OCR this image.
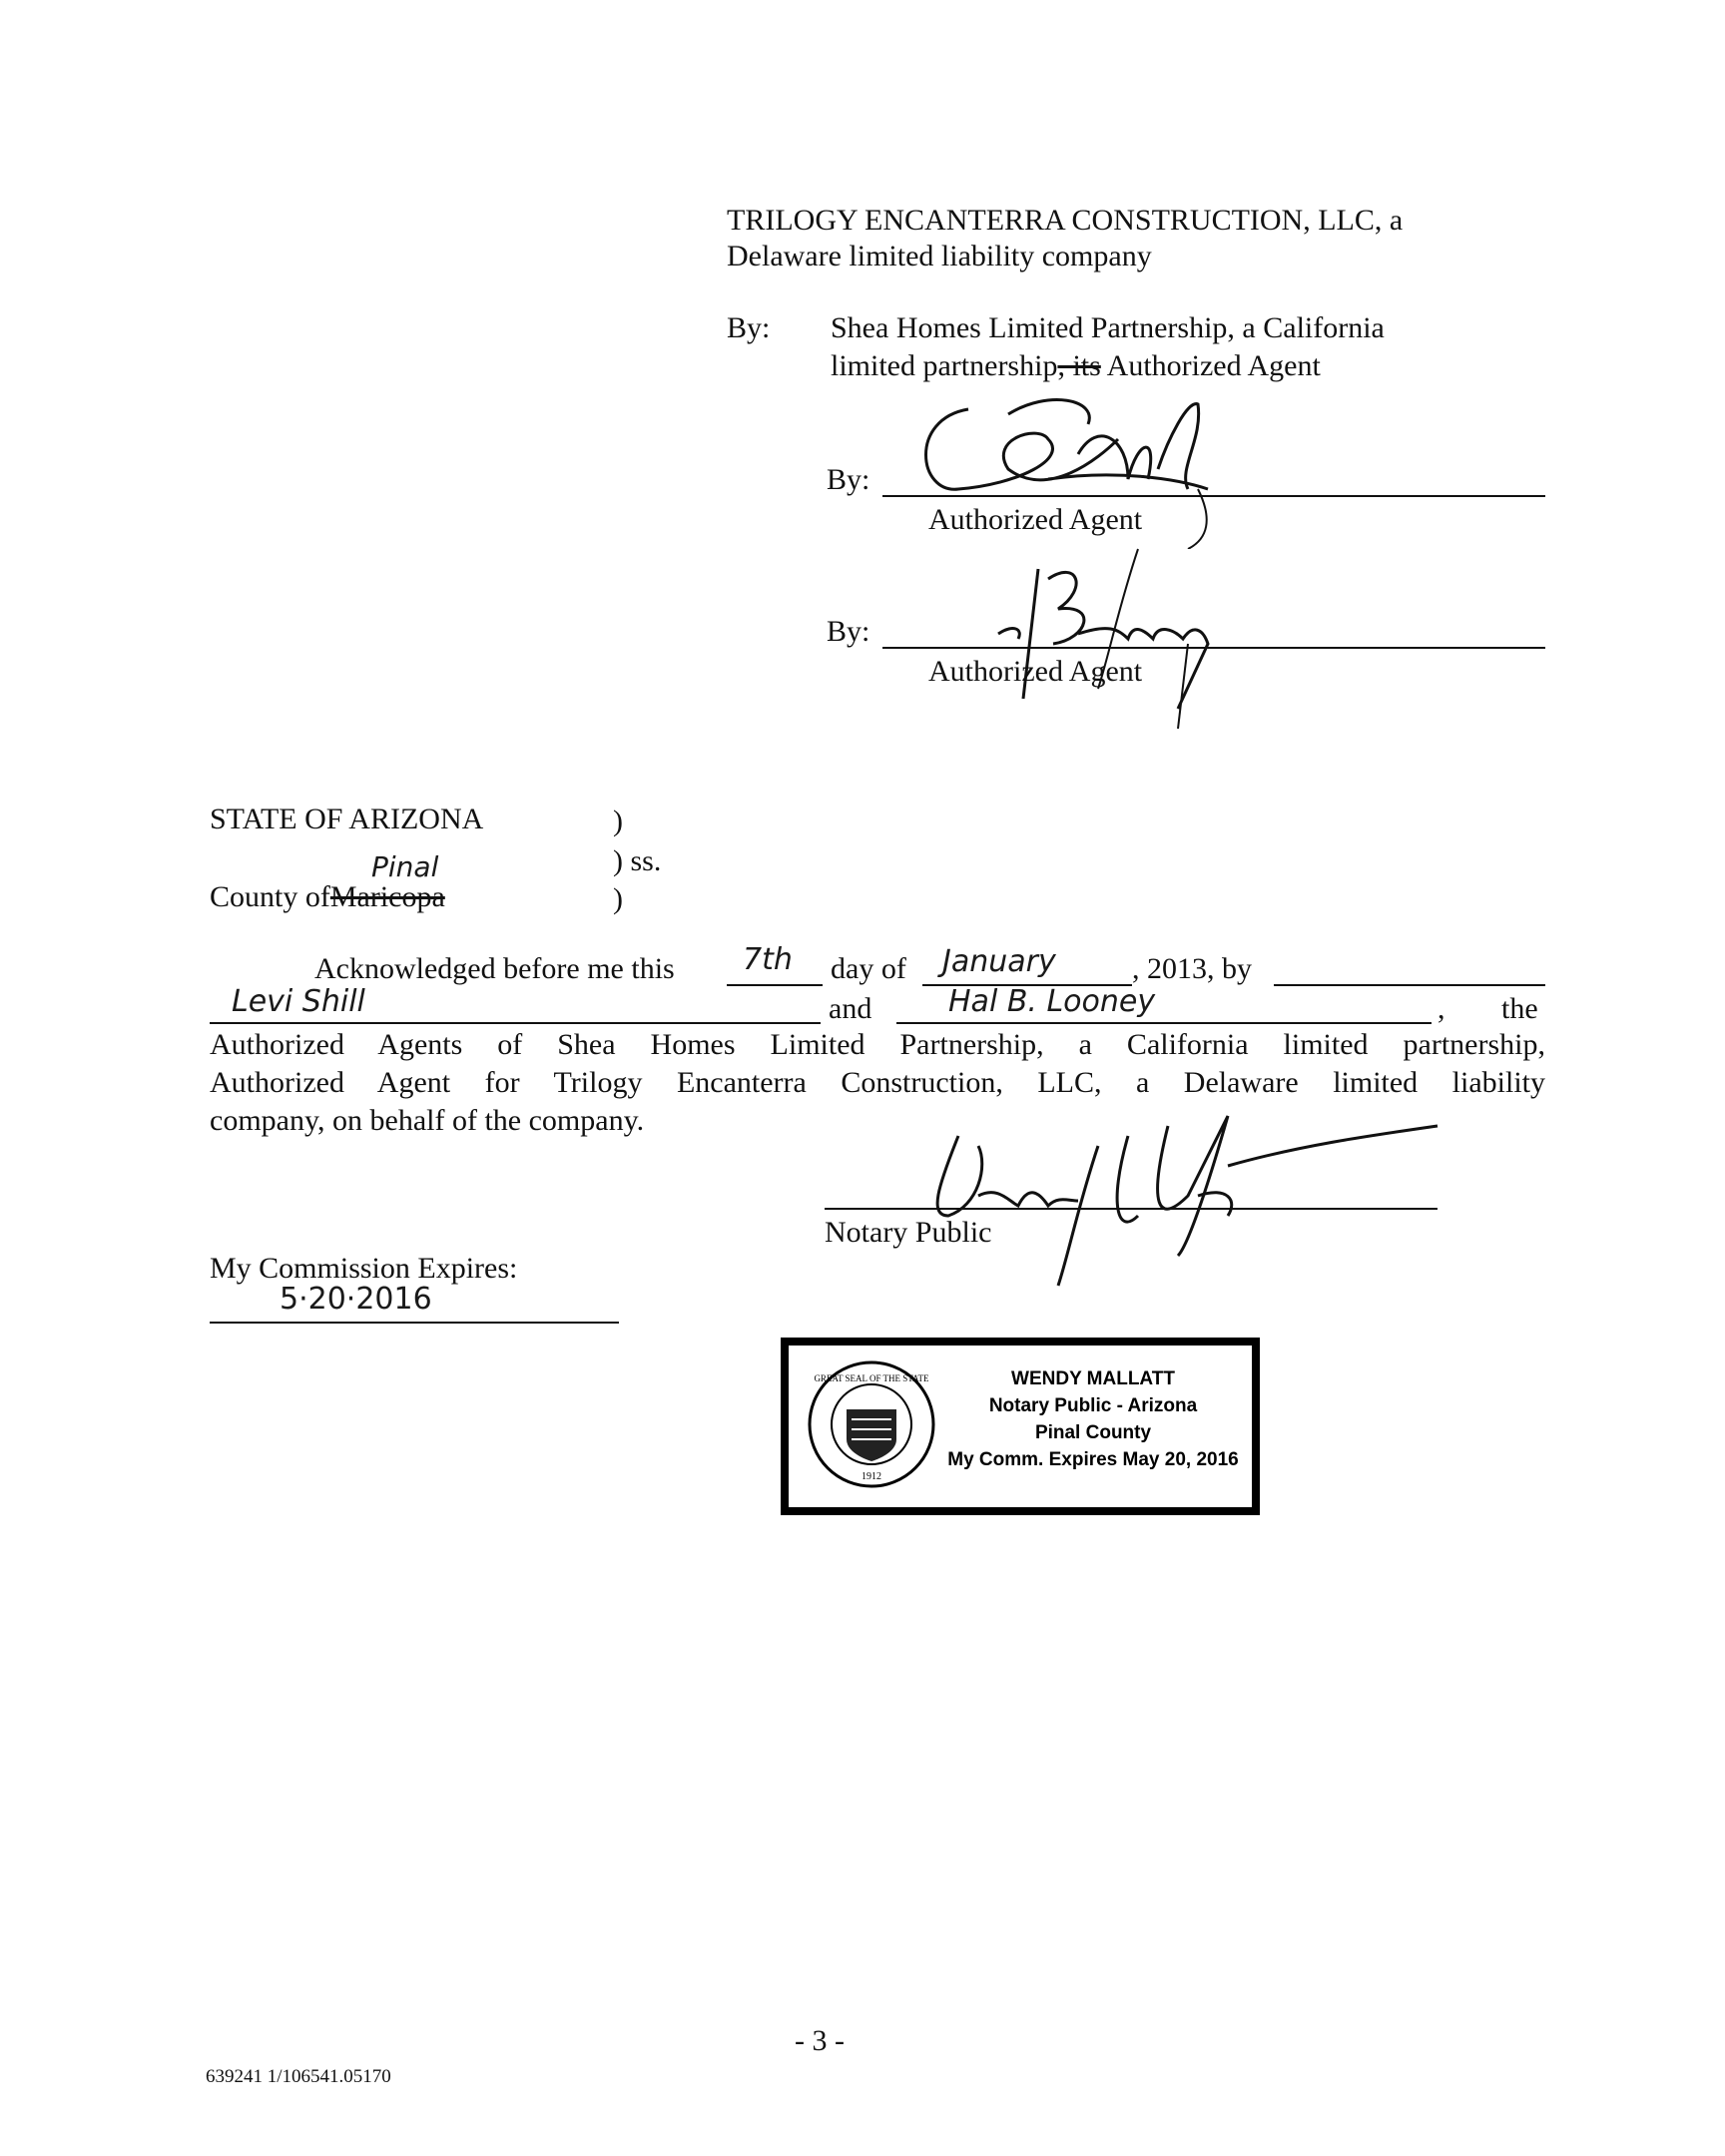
TRILOGY ENCANTERRA CONSTRUCTION, LLC, a
Delaware limited liability company
By: Shea Homes Limited Partnership, a California
limited partnership, its Authorized Agent
By:
Authorized Agent
By:
Authorized Agent
STATE OF ARIZONA	)
) ss.
)
County ofMaricopa
Pinal
Acknowledged before me this 7th day of January	, 2013, by
Levi Shill	and	Hal B. Looney	, the
Authorized Agents of Shea Homes Limited Partnership, a California limited partnership,
Authorized Agent for Trilogy Encanterra Construction, LLC, a Delaware limited liability
company, on behalf of the company.
Notary Public
My Commission Expires:
5·20·2016
GREAT SEAL OF THE STATE
1912
WENDY MALLATT
Notary Public - Arizona
Pinal County
My Comm. Expires May 20, 2016
- 3 -
639241 1/106541.05170
